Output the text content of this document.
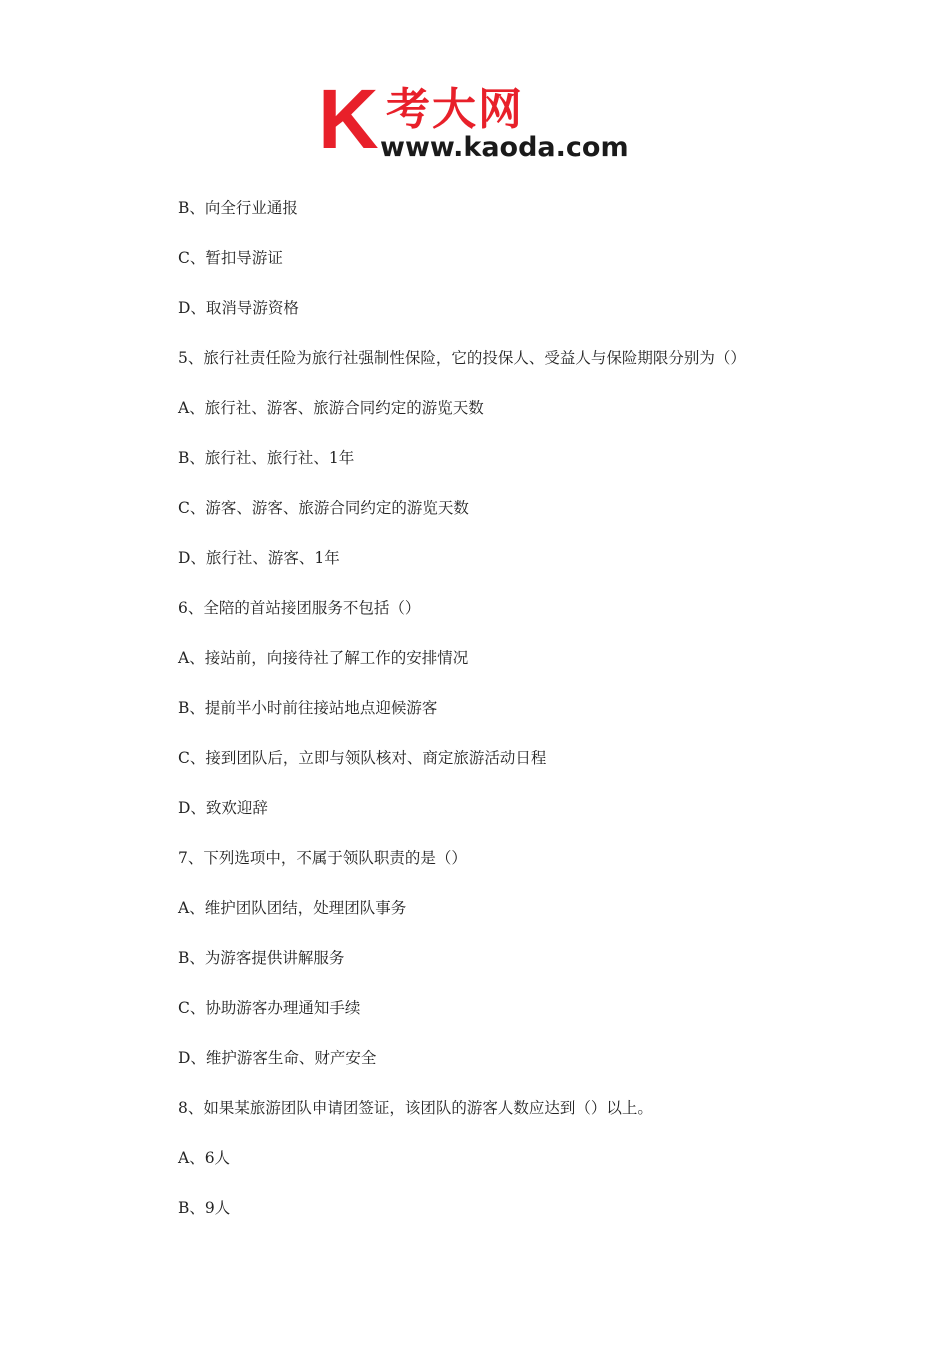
K 考大网
www.kaoda.com

B、向全行业通报

C、暂扣导游证

D、取消导游资格

5、旅行社责任险为旅行社强制性保险，它的投保人、受益人与保险期限分别为（）

A、旅行社、游客、旅游合同约定的游览天数

B、旅行社、旅行社、1年

C、游客、游客、旅游合同约定的游览天数

D、旅行社、游客、1年

6、全陪的首站接团服务不包括（）

A、接站前，向接待社了解工作的安排情况

B、提前半小时前往接站地点迎候游客

C、接到团队后，立即与领队核对、商定旅游活动日程

D、致欢迎辞

7、下列选项中，不属于领队职责的是（）

A、维护团队团结，处理团队事务

B、为游客提供讲解服务

C、协助游客办理通知手续

D、维护游客生命、财产安全

8、如果某旅游团队申请团签证，该团队的游客人数应达到（）以上。

A、6人

B、9人
